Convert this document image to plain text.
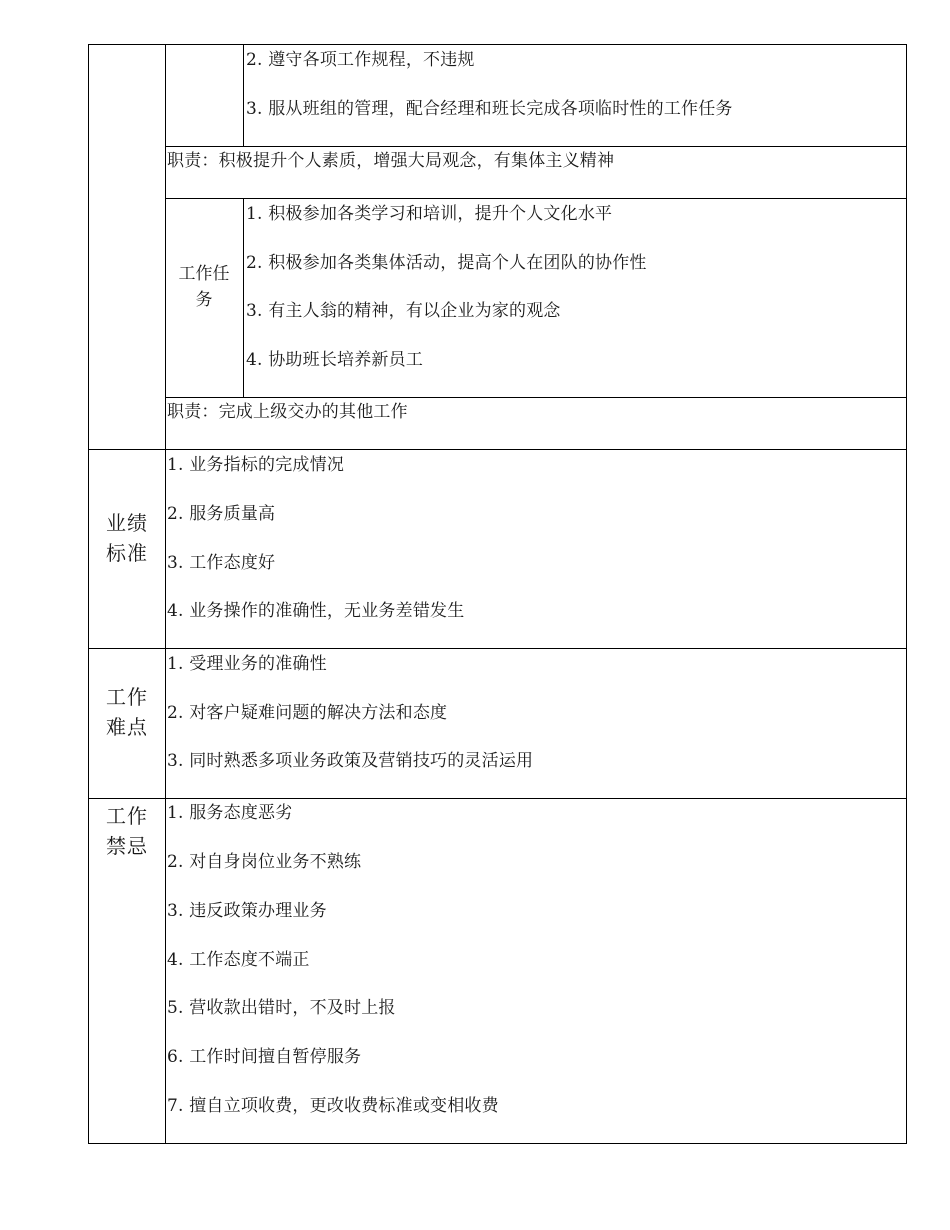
2. 遵守各项工作规程，不违规
3. 服从班组的管理，配合经理和班长完成各项临时性的工作任务
职责：积极提升个人素质，增强大局观念，有集体主义精神
工作任务
1. 积极参加各类学习和培训，提升个人文化水平
2. 积极参加各类集体活动，提高个人在团队的协作性
3. 有主人翁的精神，有以企业为家的观念
4. 协助班长培养新员工
职责：完成上级交办的其他工作
业绩标准
1. 业务指标的完成情况
2. 服务质量高
3. 工作态度好
4. 业务操作的准确性，无业务差错发生
工作难点
1. 受理业务的准确性
2. 对客户疑难问题的解决方法和态度
3. 同时熟悉多项业务政策及营销技巧的灵活运用
工作禁忌
1. 服务态度恶劣
2. 对自身岗位业务不熟练
3. 违反政策办理业务
4. 工作态度不端正
5. 营收款出错时，不及时上报
6. 工作时间擅自暂停服务
7. 擅自立项收费，更改收费标准或变相收费
